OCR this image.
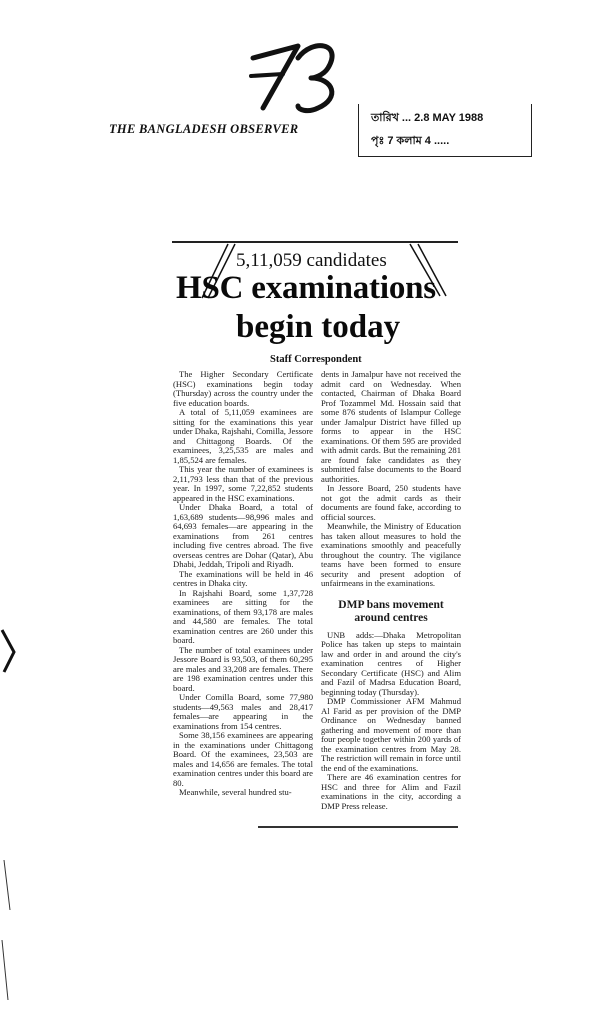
THE BANGLADESH OBSERVER
তারিখ ... 2.8 MAY 1988
পৃঃ 7 কলাম 4 .....
5,11,059 candidates
HSC examinations
begin today
Staff Correspondent

The Higher Secondary Certificate (HSC) examinations begin today (Thursday) across the country under the five education boards.

A total of 5,11,059 examinees are sitting for the examinations this year under Dhaka, Rajshahi, Comilla, Jessore and Chittagong Boards. Of the examinees, 3,25,535 are males and 1,85,524 are females.

This year the number of examinees is 2,11,793 less than that of the previous year. In 1997, some 7,22,852 students appeared in the HSC examinations.

Under Dhaka Board, a total of 1,63,689 students—98,996 males and 64,693 females—are appearing in the examinations from 261 centres including five centres abroad. The five overseas centres are Dohar (Qatar), Abu Dhabi, Jeddah, Tripoli and Riyadh.

The examinations will be held in 46 centres in Dhaka city.

In Rajshahi Board, some 1,37,728 examinees are sitting for the examinations, of them 93,178 are males and 44,580 are females. The total examination centres are 260 under this board.

The number of total examinees under Jessore Board is 93,503, of them 60,295 are males and 33,208 are females. There are 198 examination centres under this board.

Under Comilla Board, some 77,980 students—49,563 males and 28,417 females—are appearing in the examinations from 154 centres.

Some 38,156 examinees are appearing in the examinations under Chittagong Board. Of the examinees, 23,503 are males and 14,656 are females. The total examination centres under this board are 80.

Meanwhile, several hundred stu-

dents in Jamalpur have not received the admit card on Wednesday. When contacted, Chairman of Dhaka Board Prof Tozammel Md. Hossain said that some 876 students of Islampur College under Jamalpur District have filled up forms to appear in the HSC examinations. Of them 595 are provided with admit cards. But the remaining 281 are found fake candidates as they submitted false documents to the Board authorities.

In Jessore Board, 250 students have not got the admit cards as their documents are found fake, according to official sources.

Meanwhile, the Ministry of Education has taken allout measures to hold the examinations smoothly and peacefully throughout the country. The vigilance teams have been formed to ensure security and present adoption of unfairmeans in the examinations.

DMP bans movement around centres

UNB adds:—Dhaka Metropolitan Police has taken up steps to maintain law and order in and around the city's examination centres of Higher Secondary Certificate (HSC) and Alim and Fazil of Madrsa Education Board, beginning today (Thursday).

DMP Commissioner AFM Mahmud Al Farid as per provision of the DMP Ordinance on Wednesday banned gathering and movement of more than four people together within 200 yards of the examination centres from May 28. The restriction will remain in force until the end of the examinations.

There are 46 examination centres for HSC and three for Alim and Fazil examinations in the city, according a DMP Press release.
